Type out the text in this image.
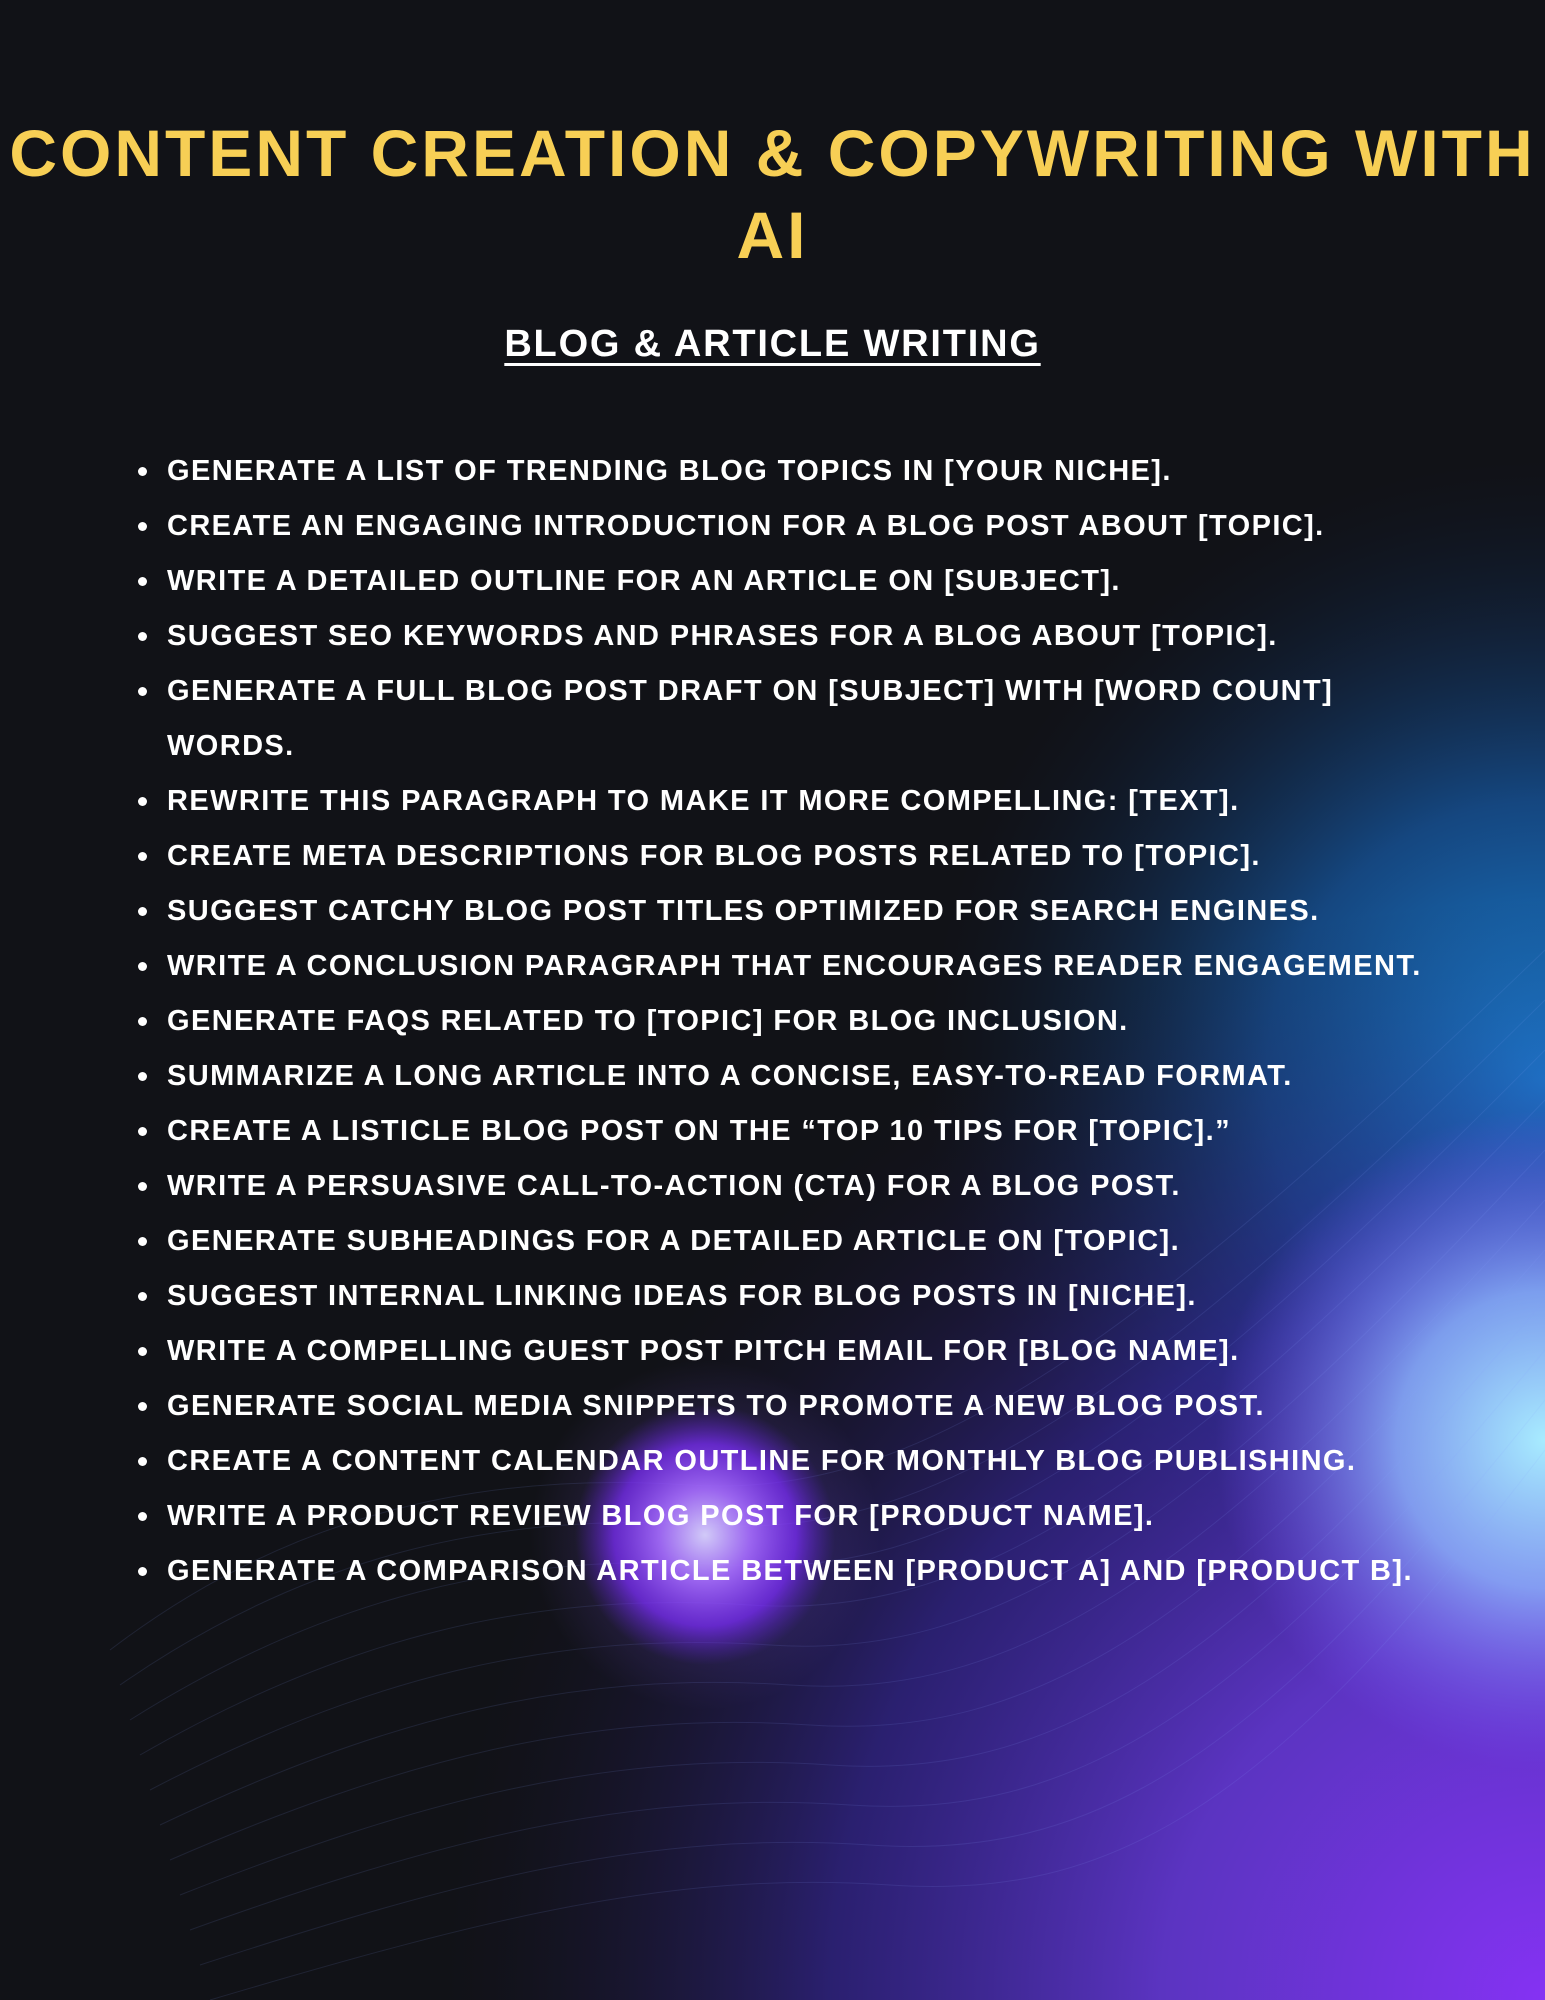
CONTENT CREATION & COPYWRITING WITH AI
BLOG & ARTICLE WRITING
GENERATE A LIST OF TRENDING BLOG TOPICS IN [YOUR NICHE].
CREATE AN ENGAGING INTRODUCTION FOR A BLOG POST ABOUT [TOPIC].
WRITE A DETAILED OUTLINE FOR AN ARTICLE ON [SUBJECT].
SUGGEST SEO KEYWORDS AND PHRASES FOR A BLOG ABOUT [TOPIC].
GENERATE A FULL BLOG POST DRAFT ON [SUBJECT] WITH [WORD COUNT] WORDS.
REWRITE THIS PARAGRAPH TO MAKE IT MORE COMPELLING: [TEXT].
CREATE META DESCRIPTIONS FOR BLOG POSTS RELATED TO [TOPIC].
SUGGEST CATCHY BLOG POST TITLES OPTIMIZED FOR SEARCH ENGINES.
WRITE A CONCLUSION PARAGRAPH THAT ENCOURAGES READER ENGAGEMENT.
GENERATE FAQS RELATED TO [TOPIC] FOR BLOG INCLUSION.
SUMMARIZE A LONG ARTICLE INTO A CONCISE, EASY-TO-READ FORMAT.
CREATE A LISTICLE BLOG POST ON THE “TOP 10 TIPS FOR [TOPIC].”
WRITE A PERSUASIVE CALL-TO-ACTION (CTA) FOR A BLOG POST.
GENERATE SUBHEADINGS FOR A DETAILED ARTICLE ON [TOPIC].
SUGGEST INTERNAL LINKING IDEAS FOR BLOG POSTS IN [NICHE].
WRITE A COMPELLING GUEST POST PITCH EMAIL FOR [BLOG NAME].
GENERATE SOCIAL MEDIA SNIPPETS TO PROMOTE A NEW BLOG POST.
CREATE A CONTENT CALENDAR OUTLINE FOR MONTHLY BLOG PUBLISHING.
WRITE A PRODUCT REVIEW BLOG POST FOR [PRODUCT NAME].
GENERATE A COMPARISON ARTICLE BETWEEN [PRODUCT A] AND [PRODUCT B].
